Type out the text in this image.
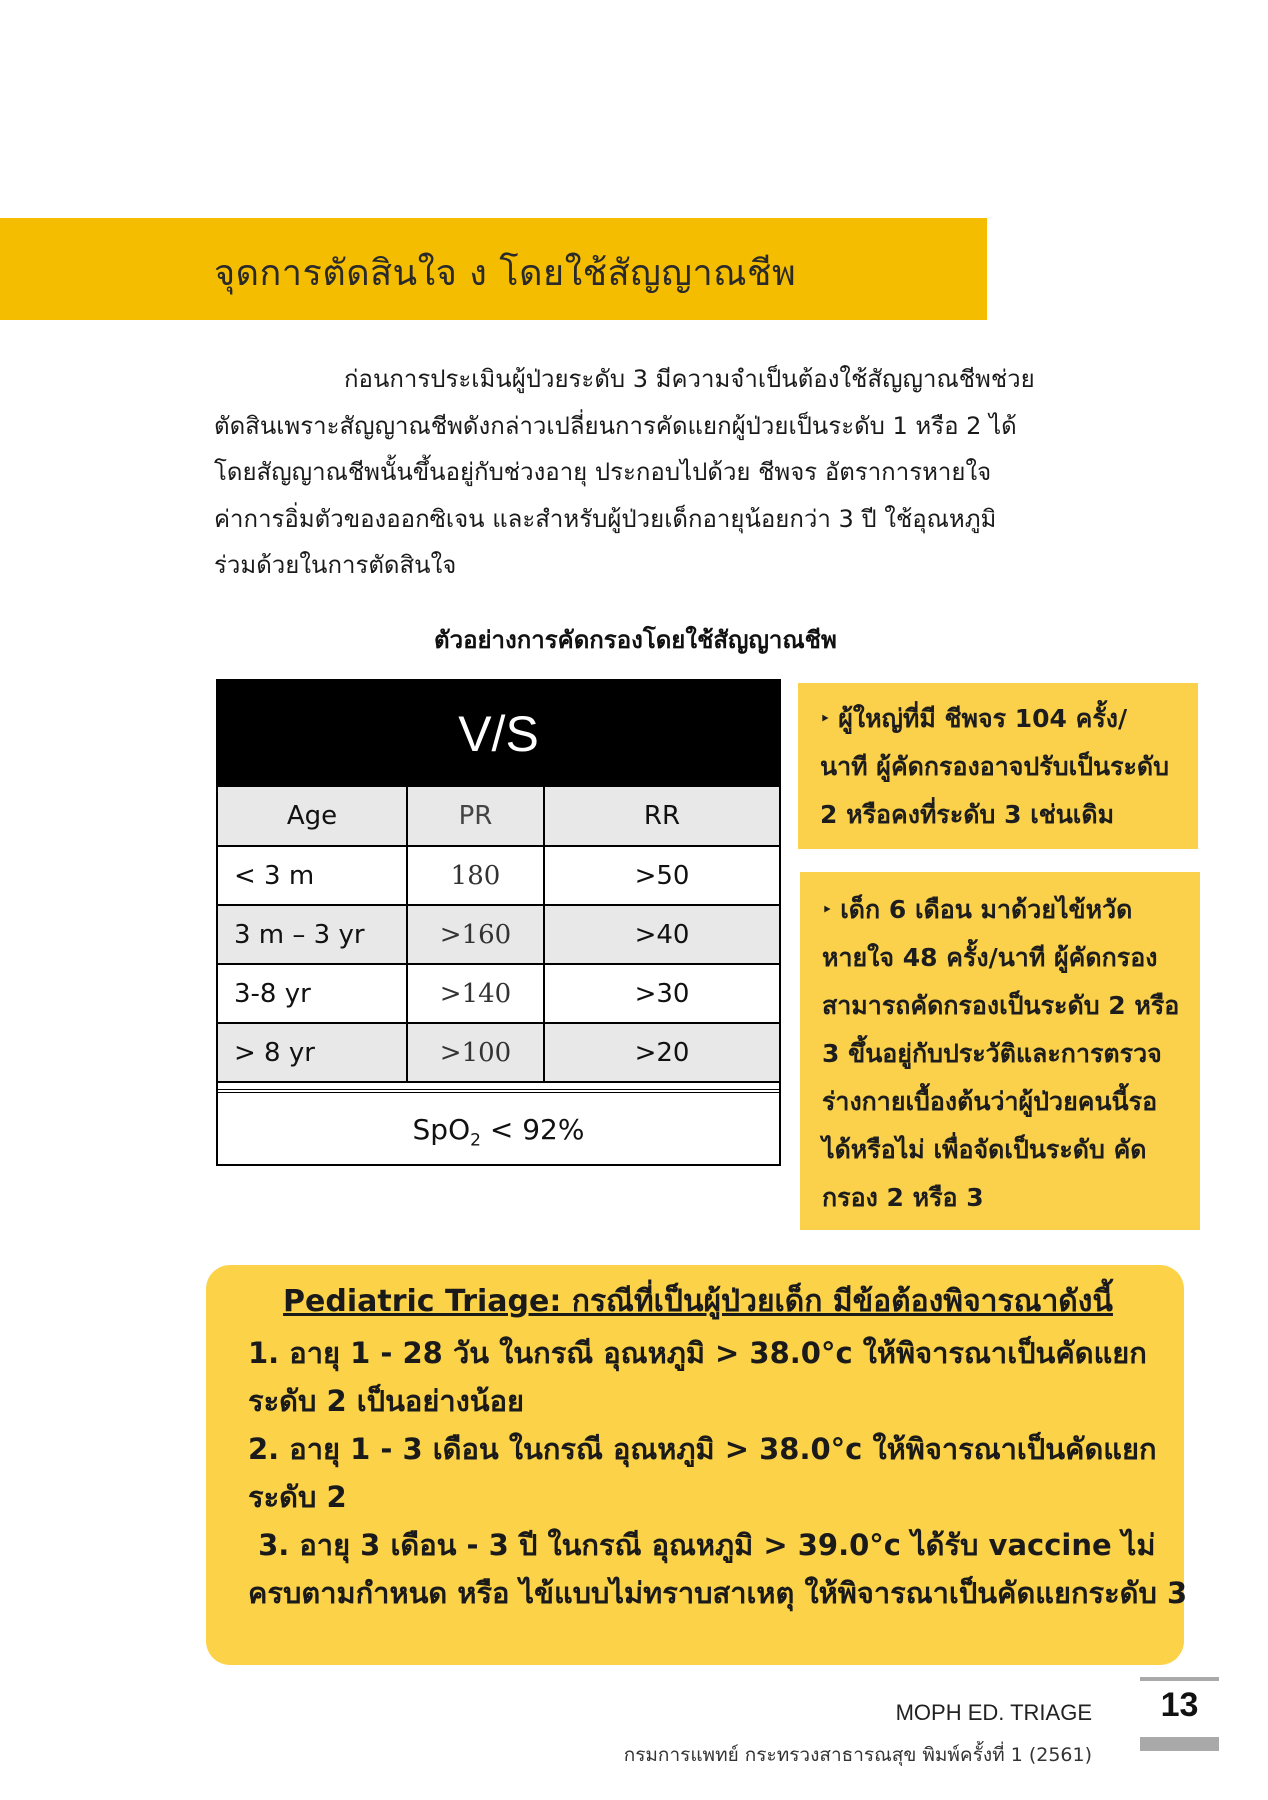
จุดการตัดสินใจ ง โดยใช้สัญญาณชีพ

ก่อนการประเมินผู้ป่วยระดับ 3 มีความจำเป็นต้องใช้สัญญาณชีพช่วย
ตัดสินเพราะสัญญาณชีพดังกล่าวเปลี่ยนการคัดแยกผู้ป่วยเป็นระดับ 1 หรือ 2 ได้
โดยสัญญาณชีพนั้นขึ้นอยู่กับช่วงอายุ ประกอบไปด้วย ชีพจร อัตราการหายใจ
ค่าการอิ่มตัวของออกซิเจน และสำหรับผู้ป่วยเด็กอายุน้อยกว่า 3 ปี ใช้อุณหภูมิ
ร่วมด้วยในการตัดสินใจ

ตัวอย่างการคัดกรองโดยใช้สัญญาณชีพ
V/S
Age	PR	RR
< 3 m	180	>50
3 m – 3 yr	>160	>40
3-8 yr	>140	>30
> 8 yr	>100	>20
SpO$_2$ < 92%
‣ ผู้ใหญ่ที่มี ชีพจร 104 ครั้ง/
นาที ผู้คัดกรองอาจปรับเป็นระดับ
2 หรือคงที่ระดับ 3 เช่นเดิม
‣ เด็ก 6 เดือน มาด้วยไข้หวัด
หายใจ 48 ครั้ง/นาที ผู้คัดกรอง
สามารถคัดกรองเป็นระดับ 2 หรือ
3 ขึ้นอยู่กับประวัติและการตรวจ
ร่างกายเบื้องต้นว่าผู้ป่วยคนนี้รอ
ได้หรือไม่ เพื่อจัดเป็นระดับ คัด
กรอง 2 หรือ 3
Pediatric Triage: กรณีที่เป็นผู้ป่วยเด็ก มีข้อต้องพิจารณาดังนี้
1. อายุ 1 - 28 วัน ในกรณี อุณหภูมิ > 38.0°c ให้พิจารณาเป็นคัดแยก
ระดับ 2 เป็นอย่างน้อย
2. อายุ 1 - 3 เดือน ในกรณี อุณหภูมิ > 38.0°c ให้พิจารณาเป็นคัดแยก
ระดับ 2
3. อายุ 3 เดือน - 3 ปี ในกรณี อุณหภูมิ > 39.0°c ได้รับ vaccine ไม่
ครบตามกำหนด หรือ ไข้แบบไม่ทราบสาเหตุ ให้พิจารณาเป็นคัดแยกระดับ 3
MOPH ED. TRIAGE
กรมการแพทย์ กระทรวงสาธารณสุข พิมพ์ครั้งที่ 1 (2561)
13
